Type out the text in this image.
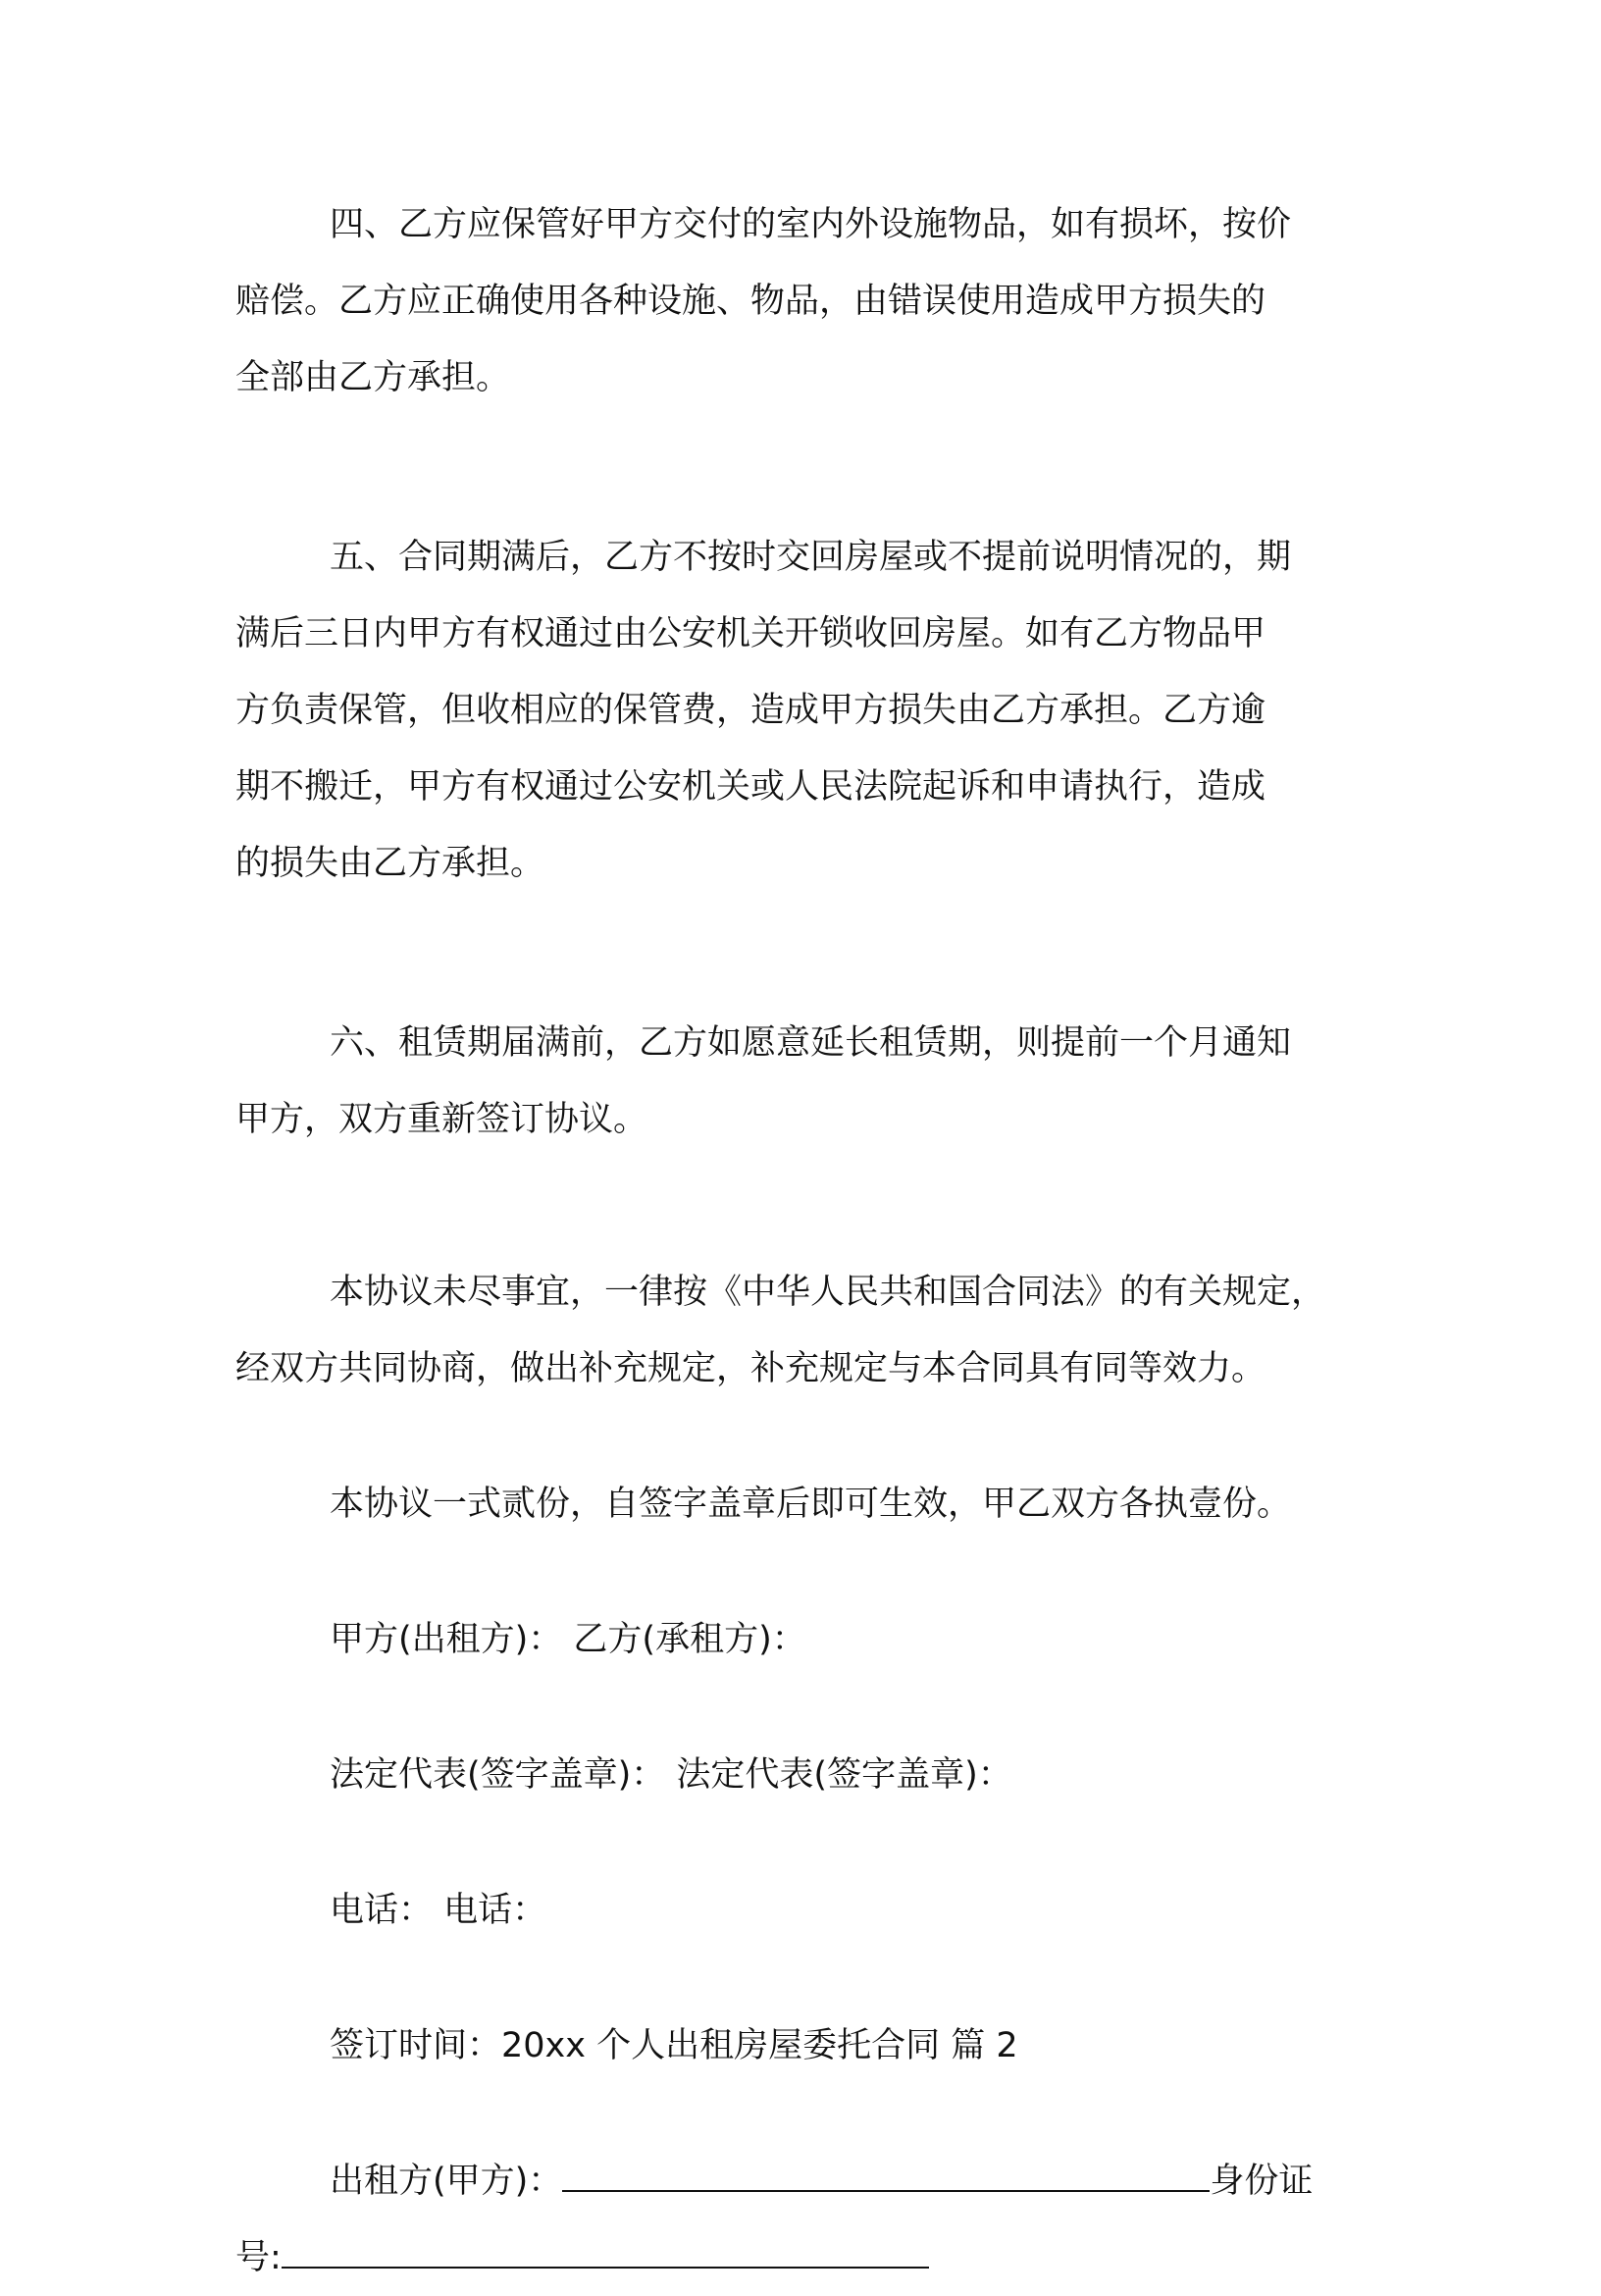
四、乙方应保管好甲方交付的室内外设施物品，如有损坏，按价

赔偿。乙方应正确使用各种设施、物品，由错误使用造成甲方损失的

全部由乙方承担。

五、合同期满后，乙方不按时交回房屋或不提前说明情况的，期

满后三日内甲方有权通过由公安机关开锁收回房屋。如有乙方物品甲

方负责保管，但收相应的保管费，造成甲方损失由乙方承担。乙方逾

期不搬迁，甲方有权通过公安机关或人民法院起诉和申请执行，造成

的损失由乙方承担。

六、租赁期届满前，乙方如愿意延长租赁期，则提前一个月通知

甲方，双方重新签订协议。

本协议未尽事宜，一律按《中华人民共和国合同法》的有关规定，

经双方共同协商，做出补充规定，补充规定与本合同具有同等效力。

本协议一式贰份，自签字盖章后即可生效，甲乙双方各执壹份。

甲方(出租方)： 乙方(承租方)：

法定代表(签字盖章)： 法定代表(签字盖章)：

电话： 电话：

签订时间：20xx 个人出租房屋委托合同 篇 2

出租方(甲方)：	身份证

号:
